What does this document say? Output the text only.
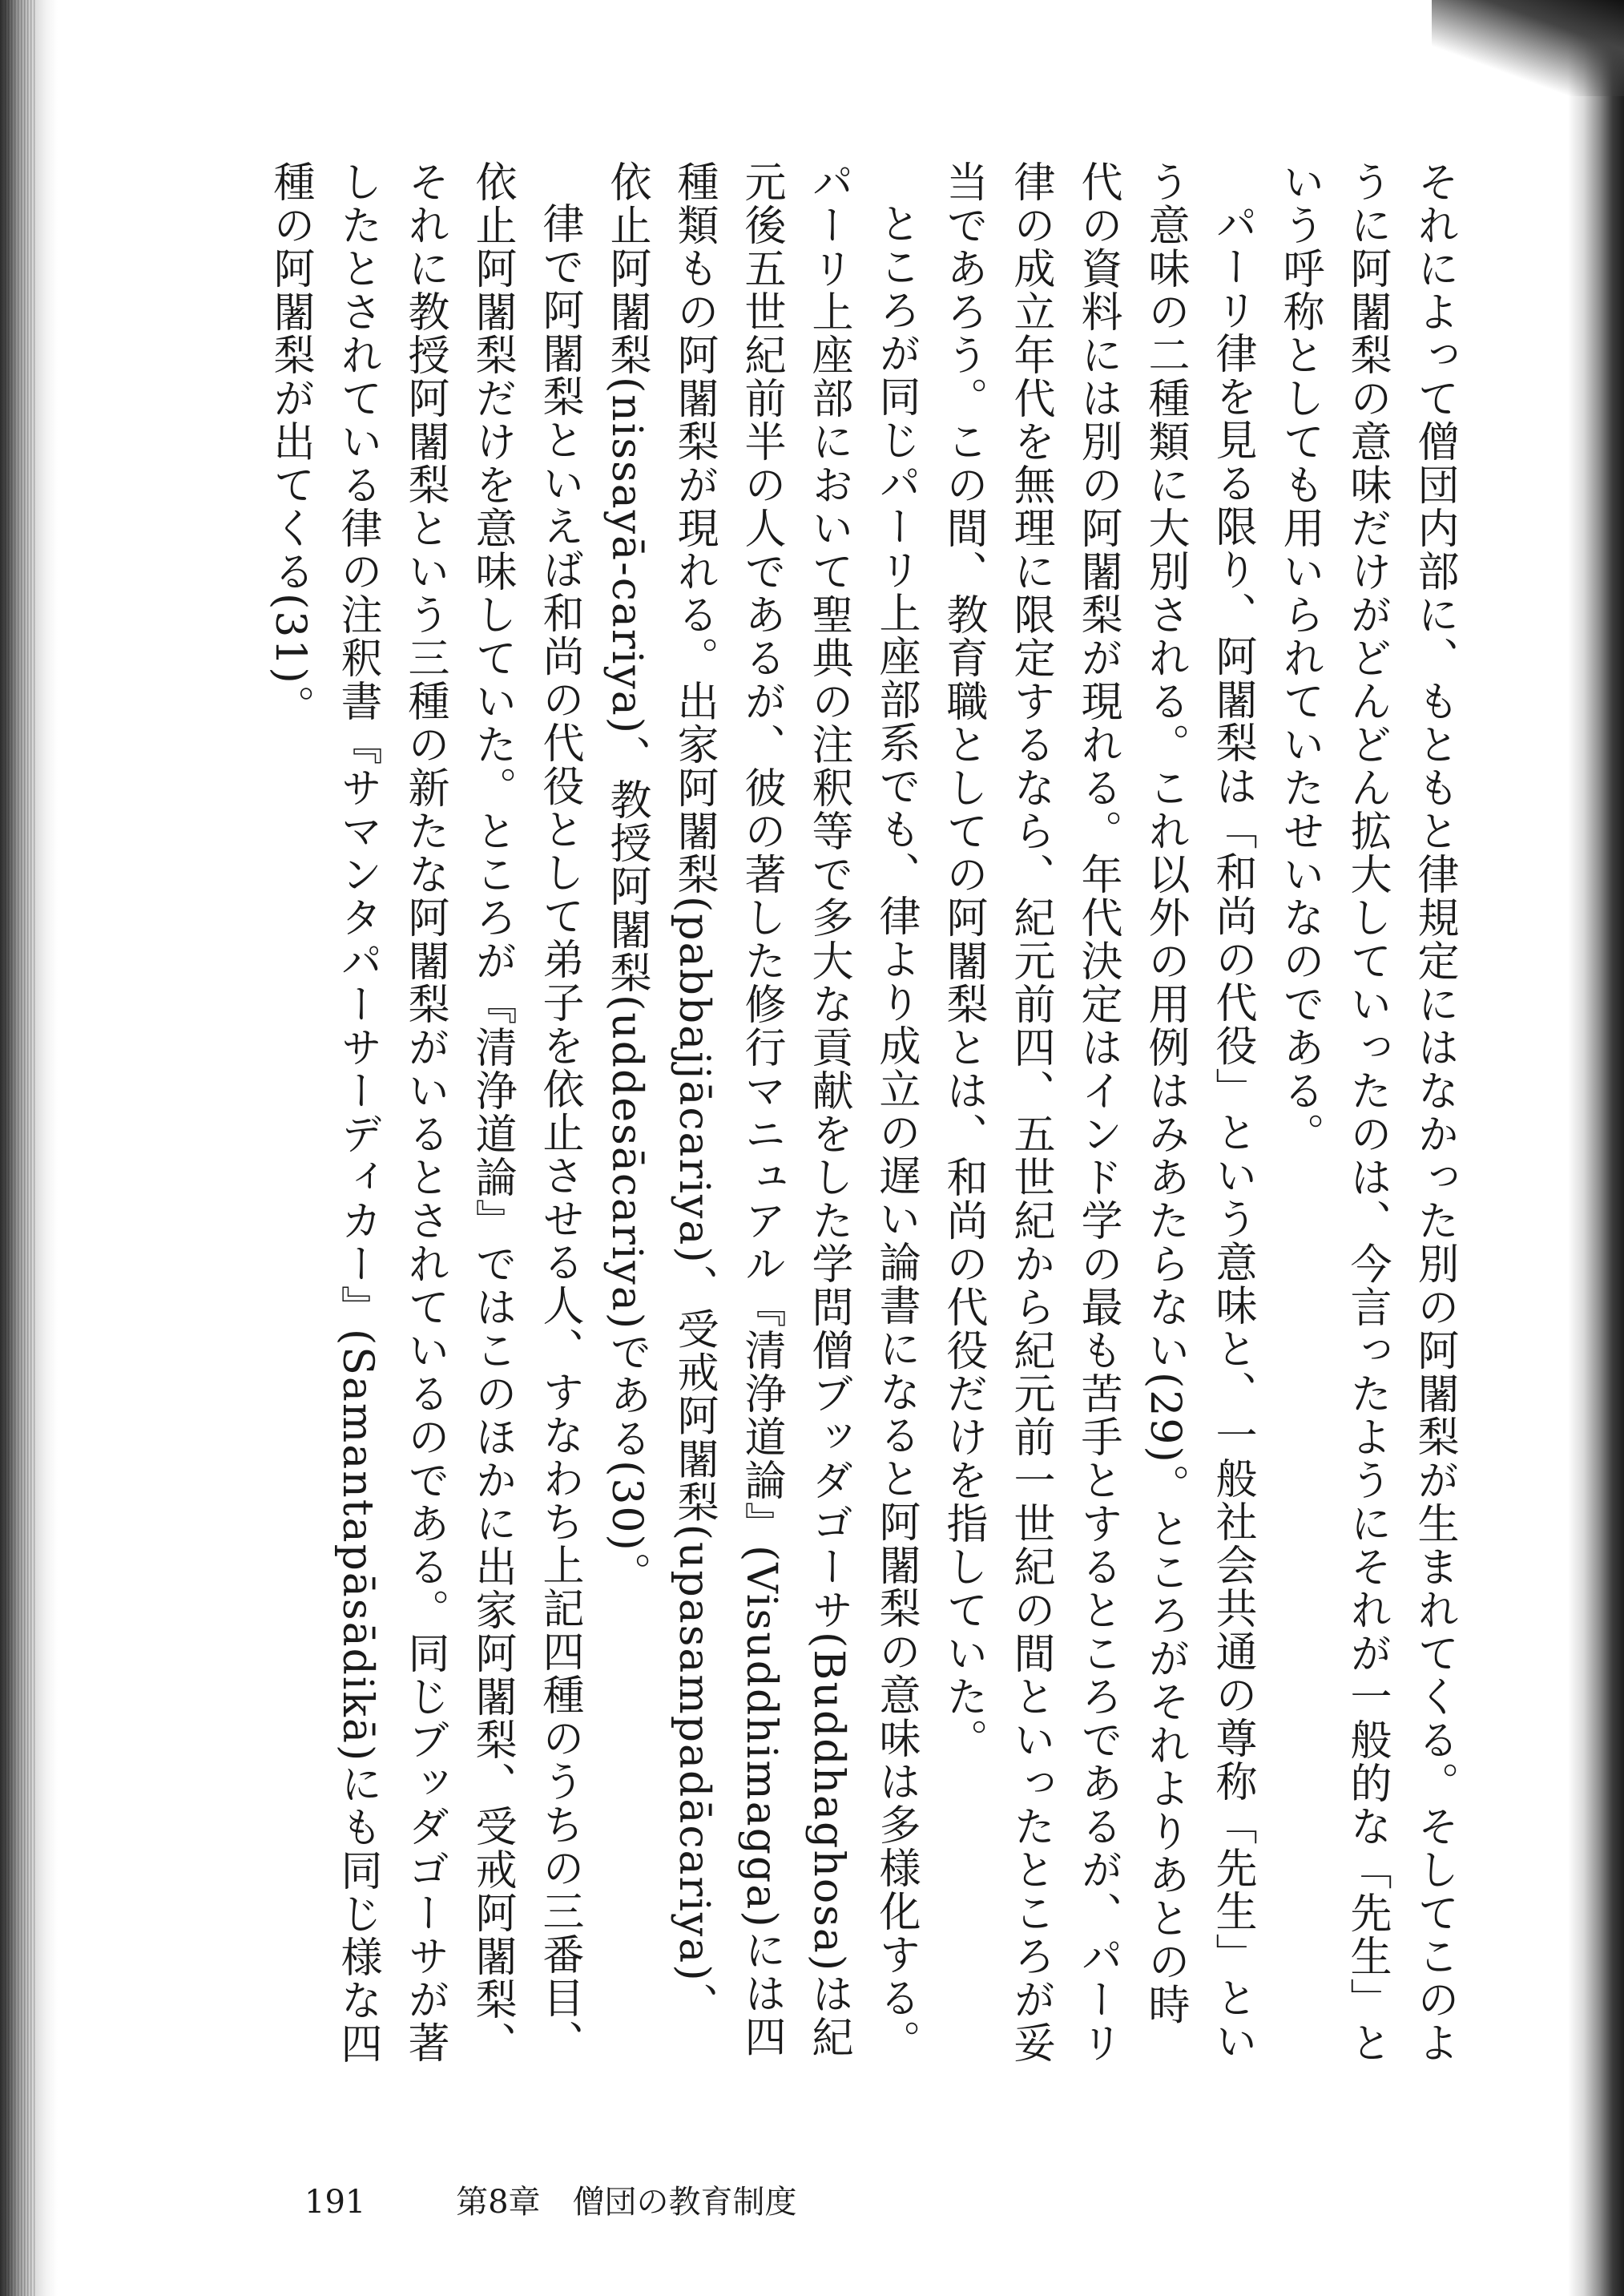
それによって僧団内部に、もともと律規定にはなかった別の阿闍梨が生まれてくる。そしてこのように阿闍梨の意味だけがどんどん拡大していったのは、今言ったようにそれが一般的な「先生」という呼称としても用いられていたせいなのである。

パーリ律を見る限り、阿闍梨は「和尚の代役」という意味と、一般社会共通の尊称「先生」という意味の二種類に大別される。これ以外の用例はみあたらない(29)。ところがそれよりあとの時代の資料には別の阿闍梨が現れる。年代決定はインド学の最も苦手とするところであるが、パーリ律の成立年代を無理に限定するなら、紀元前四、五世紀から紀元前一世紀の間といったところが妥当であろう。この間、教育職としての阿闍梨とは、和尚の代役だけを指していた。

ところが同じパーリ上座部系でも、律より成立の遅い論書になると阿闍梨の意味は多様化する。パーリ上座部において聖典の注釈等で多大な貢献をした学問僧ブッダゴーサ(Buddhaghosa)は紀元後五世紀前半の人であるが、彼の著した修行マニュアル『清浄道論』(Visuddhimagga)には四種類もの阿闍梨が現れる。出家阿闍梨(pabbajjācariya)、受戒阿闍梨(upasampadācariya)、依止阿闍梨(nissayā-cariya)、教授阿闍梨(uddesācariya)である(30)。

律で阿闍梨といえば和尚の代役として弟子を依止させる人、すなわち上記四種のうちの三番目、依止阿闍梨だけを意味していた。ところが『清浄道論』ではこのほかに出家阿闍梨、受戒阿闍梨、それに教授阿闍梨という三種の新たな阿闍梨がいるとされているのである。同じブッダゴーサが著したとされている律の注釈書『サマンタパーサーディカー』(Samantapāsādikā)にも同じ様な四種の阿闍梨が出てくる(31)。

191	第8章　僧団の教育制度
